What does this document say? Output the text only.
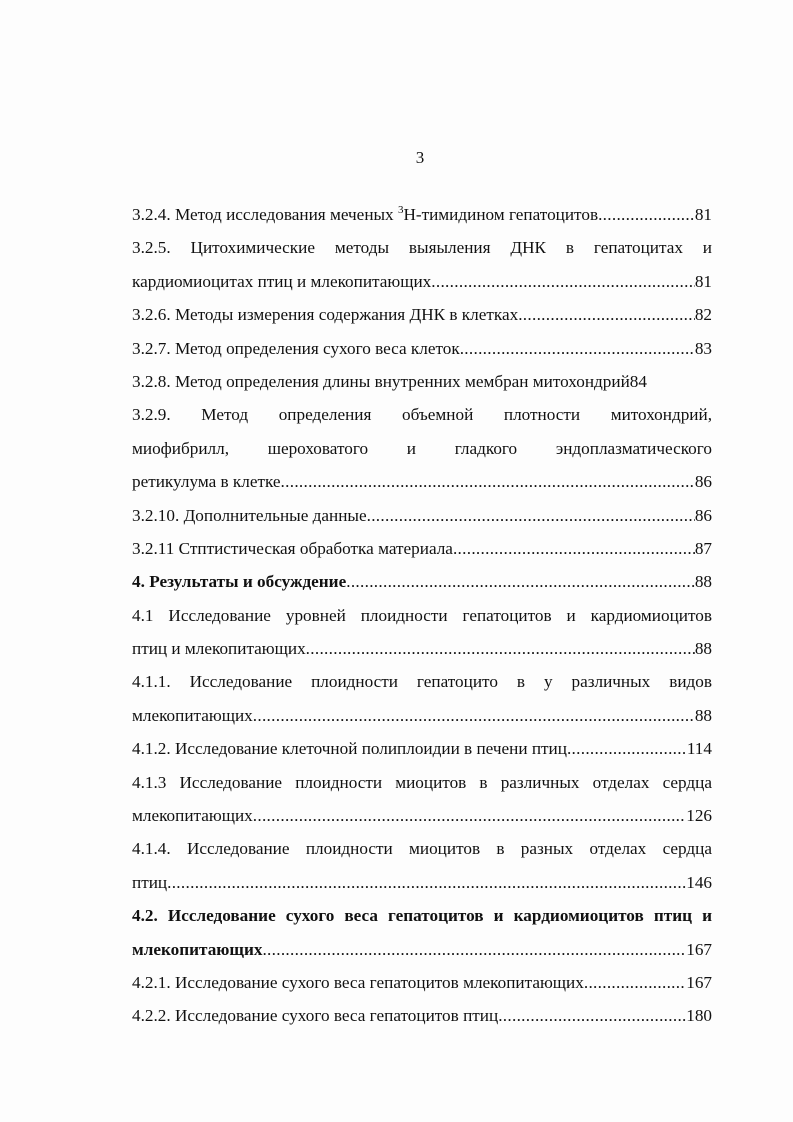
3
3.2.4. Метод исследования меченых $^3$Н-тимидином гепатоцитов .....	81
3.2.5. Цитохимические методы выяыления ДНК в гепатоцитах и
кардиомиоцитах птиц и млекопитающих .....	81
3.2.6. Методы измерения содержания ДНК в клетках .....	82
3.2.7. Метод определения сухого веса клеток .....	83
3.2.8. Метод определения длины внутренних мембран митохондрий 84
3.2.9. Метод определения объемной плотности митохондрий,
миофибрилл, шероховатого и гладкого эндоплазматического
ретикулума в клетке .....	86
3.2.10. Дополнительные данные .....	86
3.2.11 Стптистическая обработка материала .....	87
4. Результаты и обсуждение .....	88
4.1 Исследование уровней плоидности гепатоцитов и кардиомиоцитов
птиц и млекопитающих .....	88
4.1.1. Исследование плоидности гепатоцито в у различных видов
млекопитающих .....	88
4.1.2. Исследование клеточной полиплоидии в печени птиц .....	114
4.1.3 Исследование плоидности миоцитов в различных отделах сердца
млекопитающих .....	126
4.1.4. Исследование плоидности миоцитов в разных отделах сердца
птиц .....	146
4.2. Исследование сухого веса гепатоцитов и кардиомиоцитов птиц и
млекопитающих .....	167
4.2.1. Исследование сухого веса гепатоцитов млекопитающих .....	167
4.2.2. Исследование сухого веса гепатоцитов птиц .....	180
